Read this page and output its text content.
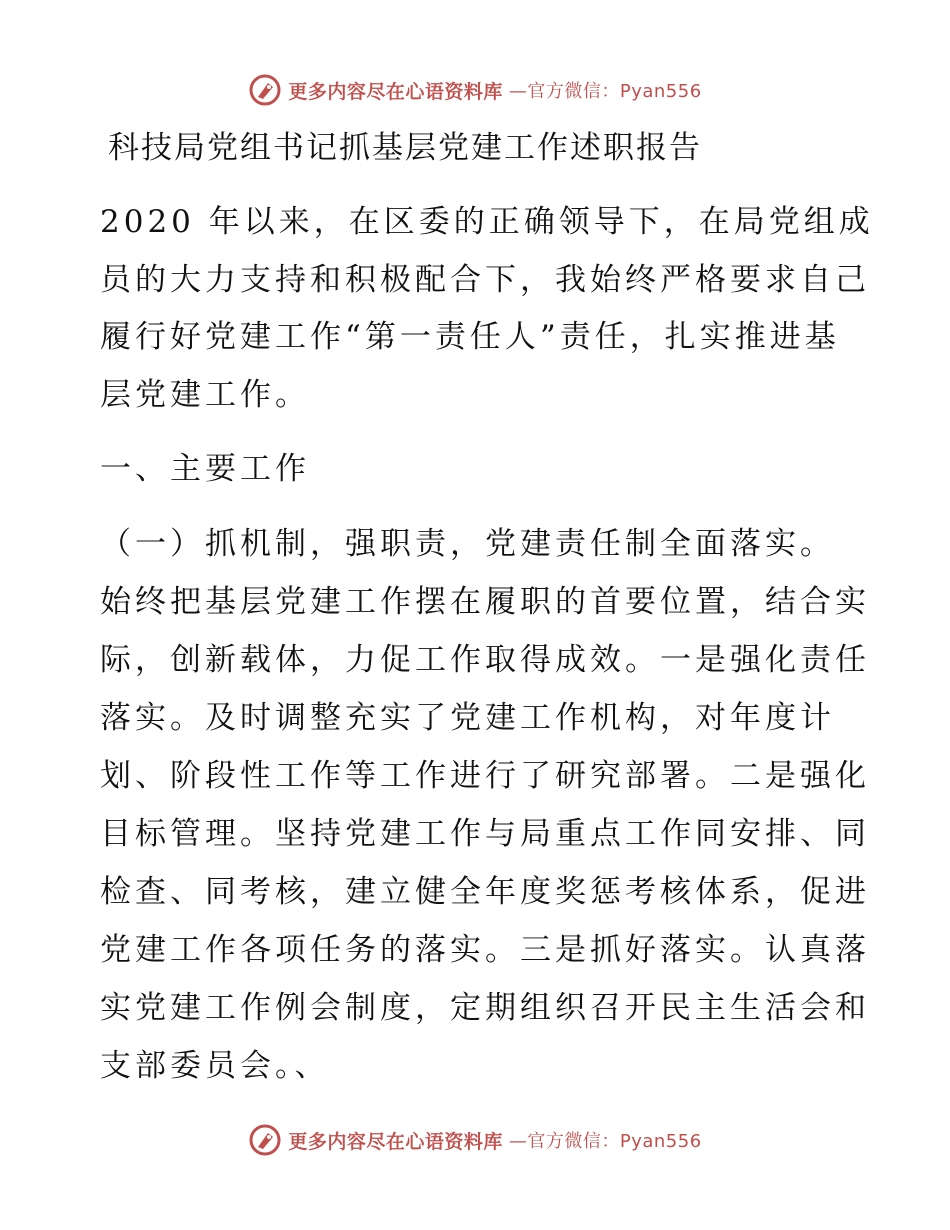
更多内容尽在心语资料库 —官方微信：Pyan556
科技局党组书记抓基层党建工作述职报告
2020 年以来，在区委的正确领导下，在局党组成
员的大力支持和积极配合下，我始终严格要求自己
履行好党建工作“第一责任人”责任，扎实推进基
层党建工作。
一、主要工作
（一）抓机制，强职责，党建责任制全面落实。
始终把基层党建工作摆在履职的首要位置，结合实
际，创新载体，力促工作取得成效。一是强化责任
落实。及时调整充实了党建工作机构，对年度计
划、阶段性工作等工作进行了研究部署。二是强化
目标管理。坚持党建工作与局重点工作同安排、同
检查、同考核，建立健全年度奖惩考核体系，促进
党建工作各项任务的落实。三是抓好落实。认真落
实党建工作例会制度，定期组织召开民主生活会和
支部委员会。、
更多内容尽在心语资料库 —官方微信：Pyan556
